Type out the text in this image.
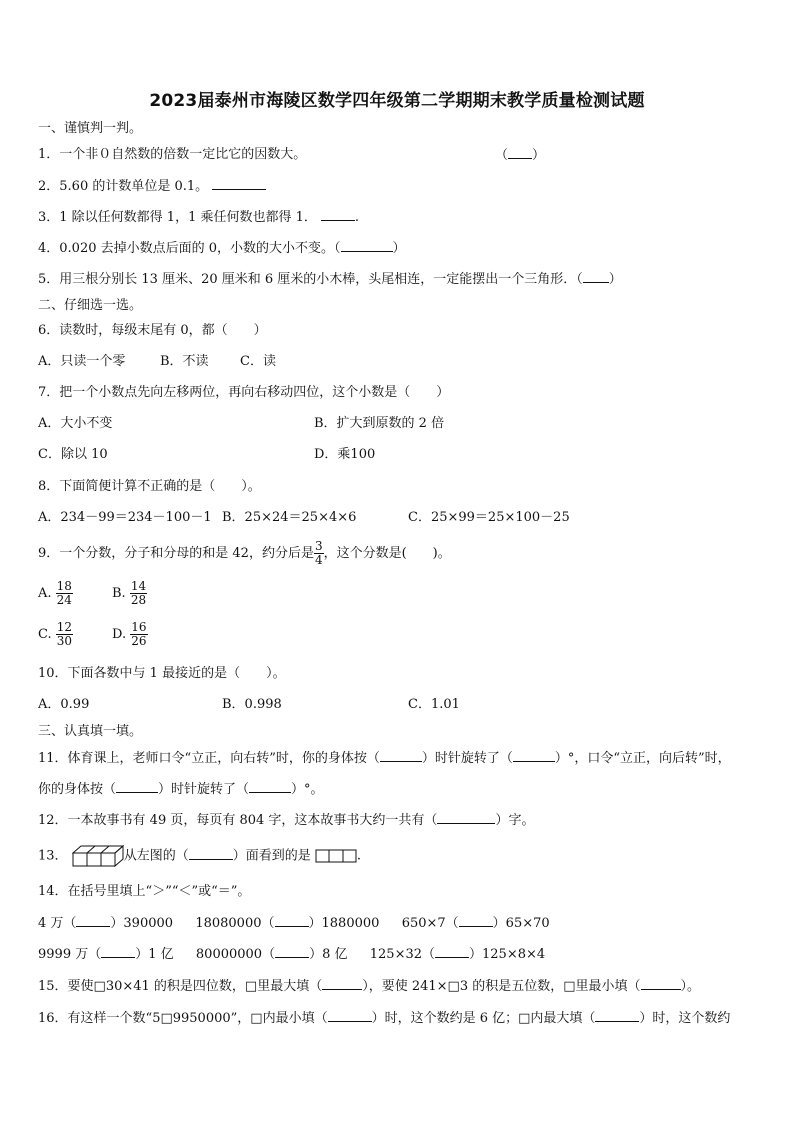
2023届泰州市海陵区数学四年级第二学期期末教学质量检测试题
一、谨慎判一判。
1．一个非０自然数的倍数一定比它的因数大。	（ ）
2．5.60 的计数单位是 0.1。
3．1 除以任何数都得 1，1 乘任何数也都得 1．	.
4．0.020 去掉小数点后面的 0，小数的大小不变。（	）
5．用三根分别长 13 厘米、20 厘米和 6 厘米的小木棒，头尾相连，一定能摆出一个三角形．（ ）
二、仔细选一选。
6．读数时，每级末尾有 0，都（　　）
A．只读一个零	B．不读 C．读
7．把一个小数点先向左移两位，再向右移动四位，这个小数是（　　）
A．大小不变	B．扩大到原数的 2 倍
C．除以 10	D．乘100
8．下面简便计算不正确的是（　　）。
A．234－99＝234－100－1 B．25×24＝25×4×6	C．25×99＝25×100－25
9．一个分数，分子和分母的和是 42，约分后是 $\frac{3}{4}$ ，这个分数是(　　)。
A. $\frac{18}{24}$	B. $\frac{14}{28}$
C. $\frac{12}{30}$	D. $\frac{16}{26}$
10．下面各数中与 1 最接近的是（　　）。
A．0.99	B．0.998	C．1.01
三、认真填一填。
11．体育课上，老师口令“立正，向右转”时，你的身体按（	）时针旋转了（	）°，口令“立正，向后转”时，
你的身体按（	）时针旋转了（	）°。
12．一本故事书有 49 页，每页有 804 字，这本故事书大约一共有（	）字。
13．	从左图的（	）面看到的是	.
14．在括号里填上“＞”“＜”或“＝”。
4 万（	）390000 18080000（	）1880000 650×7（	）65×70
9999 万（	）1 亿 80000000（	）8 亿 125×32（	）125×8×4
15．要使□30×41 的积是四位数，□里最大填（	），要使 241×□3 的积是五位数，□里最小填（	）。
16．有这样一个数“5□9950000”，□内最小填（	）时，这个数约是 6 亿；□内最大填（	）时，这个数约
